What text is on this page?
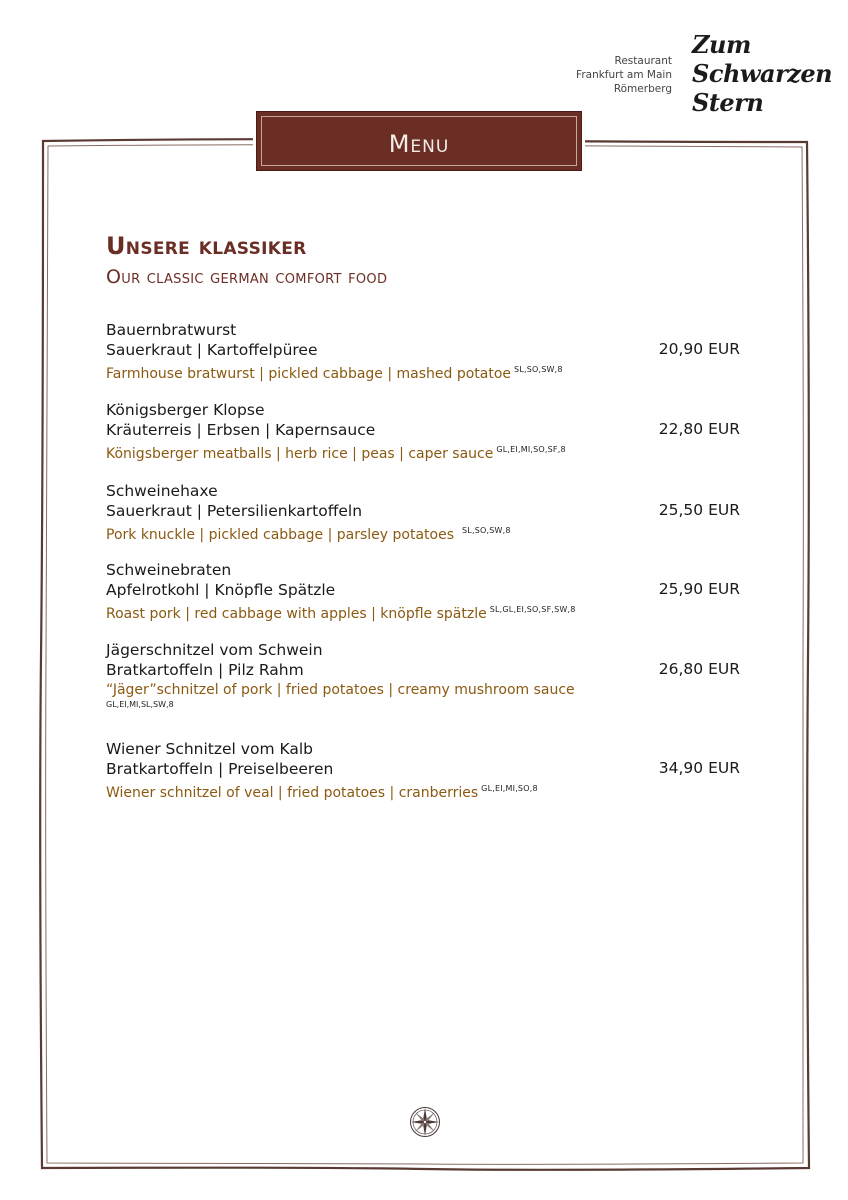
Restaurant
Frankfurt am Main
Römerberg
Zum
Schwarzen
Stern
Menu
Unsere klassiker
Our classic german comfort food
Bauernbratwurst
Sauerkraut | Kartoffelpüree
Farmhouse bratwurst | pickled cabbage | mashed potatoe $^{SL,SO,SW,8}$
20,90 EUR
Königsberger Klopse
Kräuterreis | Erbsen | Kapernsauce
Königsberger meatballs | herb rice | peas | caper sauce $^{GL,EI,MI,SO,SF,8}$
22,80 EUR
Schweinehaxe
Sauerkraut | Petersilienkartoffeln
Pork knuckle | pickled cabbage | parsley potatoes $^{SL,SO,SW,8}$
25,50 EUR
Schweinebraten
Apfelrotkohl | Knöpfle Spätzle
Roast pork | red cabbage with apples | knöpfle spätzle $^{SL,GL,EI,SO,SF,SW,8}$
25,90 EUR
Jägerschnitzel vom Schwein
Bratkartoffeln | Pilz Rahm
“Jäger”schnitzel of pork | fried potatoes | creamy mushroom sauce
GL,EI,MI,SL,SW,8
26,80 EUR
Wiener Schnitzel vom Kalb
Bratkartoffeln | Preiselbeeren
Wiener schnitzel of veal | fried potatoes | cranberries $^{GL,EI,MI,SO,8}$
34,90 EUR
